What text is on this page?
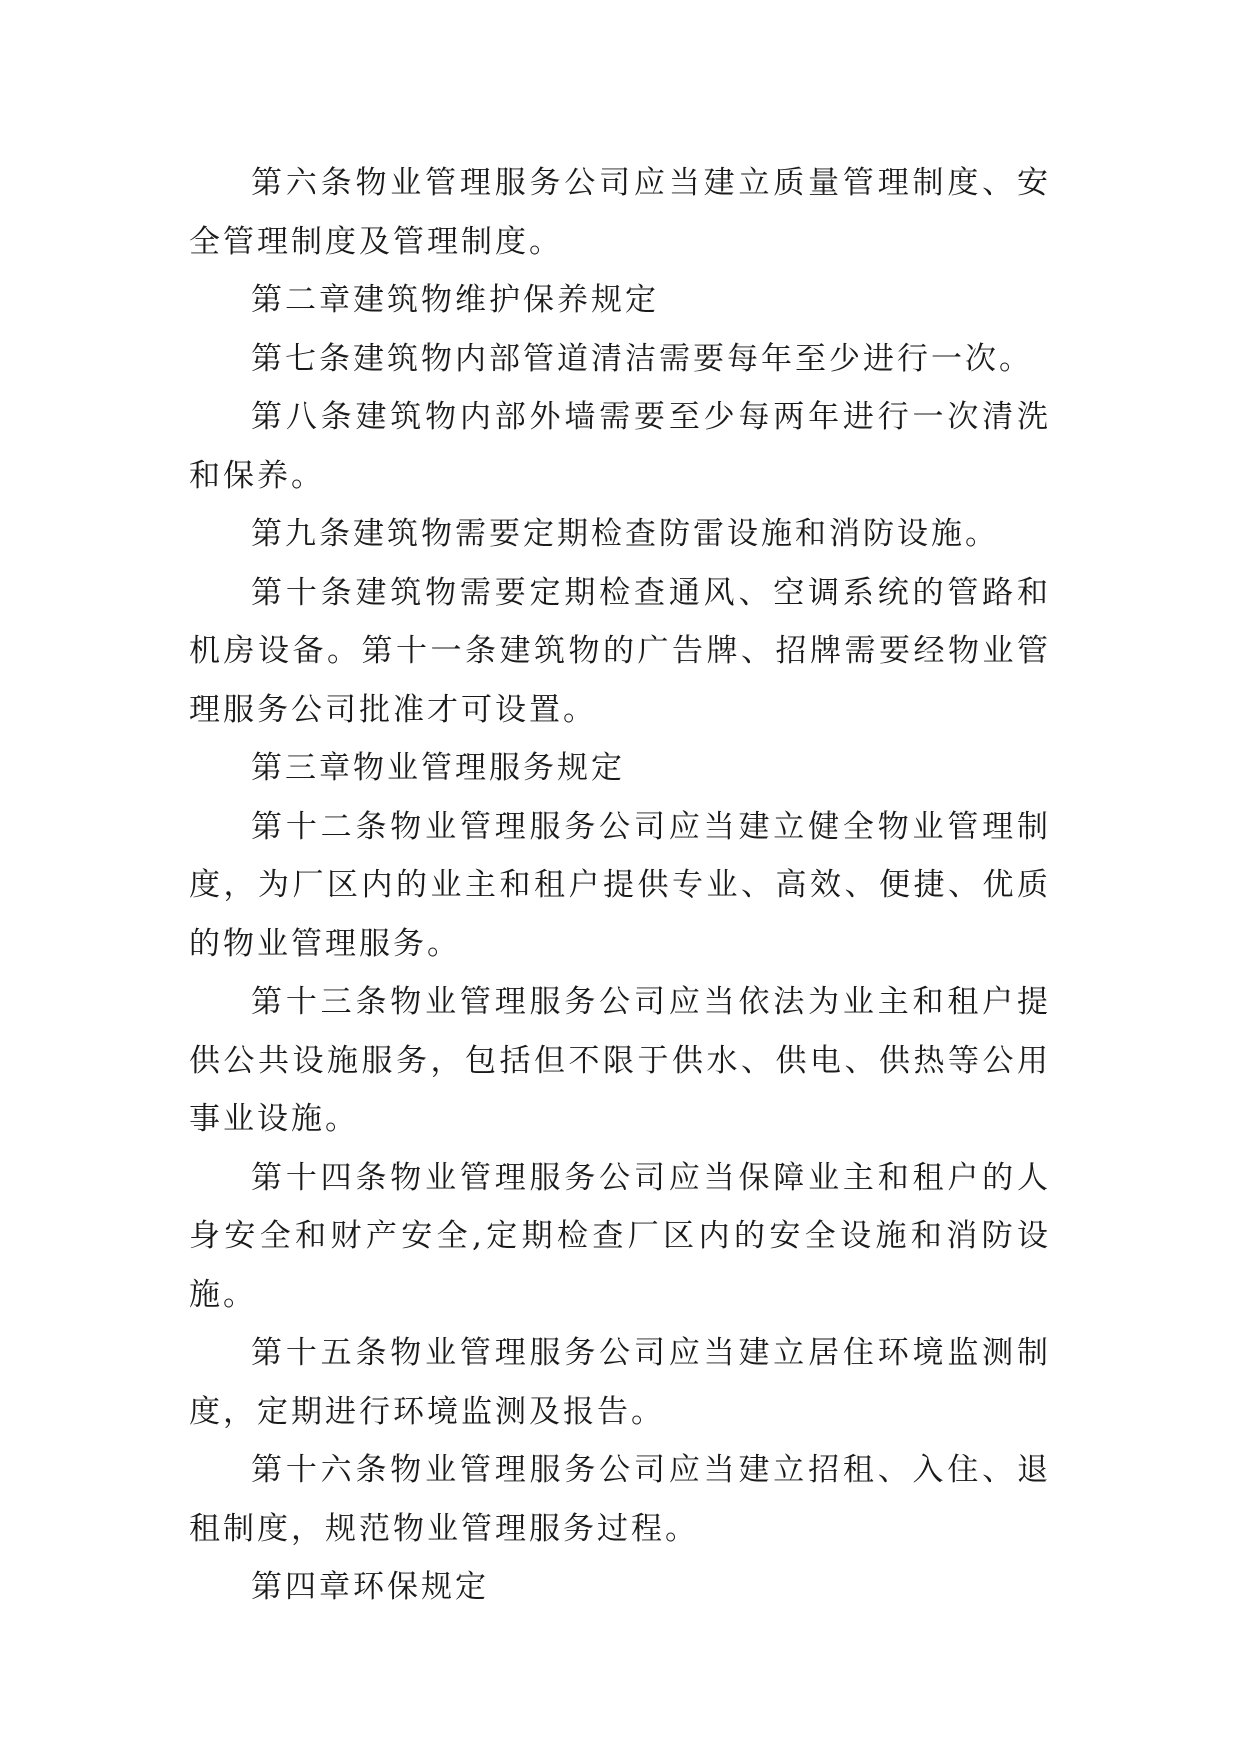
第六条物业管理服务公司应当建立质量管理制度、安全管理制度及管理制度。

第二章建筑物维护保养规定

第七条建筑物内部管道清洁需要每年至少进行一次。

第八条建筑物内部外墙需要至少每两年进行一次清洗和保养。

第九条建筑物需要定期检查防雷设施和消防设施。

第十条建筑物需要定期检查通风、空调系统的管路和机房设备。第十一条建筑物的广告牌、招牌需要经物业管理服务公司批准才可设置。

第三章物业管理服务规定

第十二条物业管理服务公司应当建立健全物业管理制度，为厂区内的业主和租户提供专业、高效、便捷、优质的物业管理服务。

第十三条物业管理服务公司应当依法为业主和租户提供公共设施服务，包括但不限于供水、供电、供热等公用事业设施。

第十四条物业管理服务公司应当保障业主和租户的人身安全和财产安全,定期检查厂区内的安全设施和消防设施。

第十五条物业管理服务公司应当建立居住环境监测制度，定期进行环境监测及报告。

第十六条物业管理服务公司应当建立招租、入住、退租制度，规范物业管理服务过程。

第四章环保规定
